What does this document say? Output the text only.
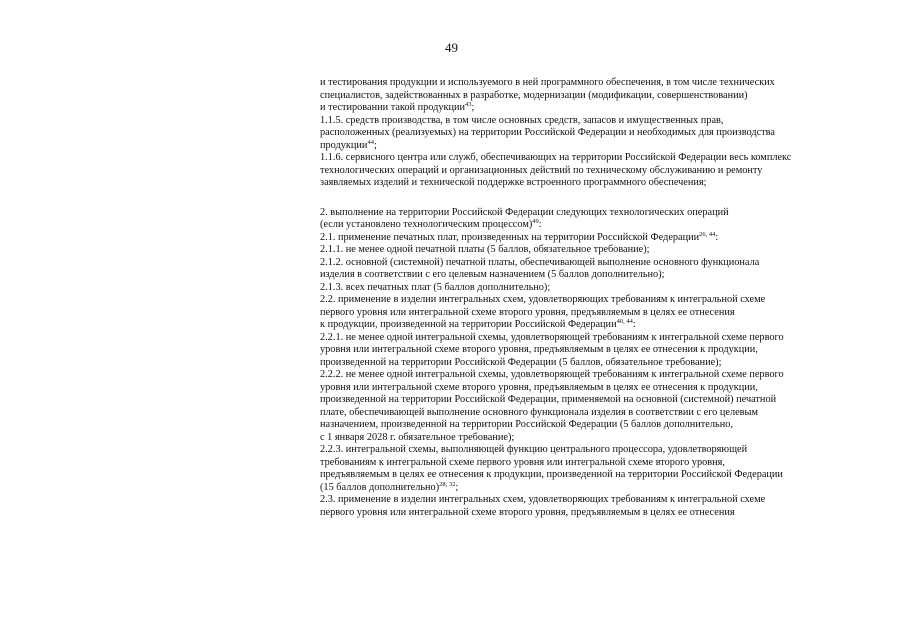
49
и тестирования продукции и используемого в ней программного обеспечения, в том числе технических
специалистов, задействованных в разработке, модернизации (модификации, совершенствовании)
и тестировании такой продукции$^{43}$;
1.1.5. средств производства, в том числе основных средств, запасов и имущественных прав,
расположенных (реализуемых) на территории Российской Федерации и необходимых для производства
продукции$^{44}$;
1.1.6. сервисного центра или служб, обеспечивающих на территории Российской Федерации весь комплекс
технологических операций и организационных действий по техническому обслуживанию и ремонту
заявляемых изделий и технической поддержке встроенного программного обеспечения;
2. выполнение на территории Российской Федерации следующих технологических операций
(если установлено технологическим процессом)$^{49}$:
2.1. применение печатных плат, произведенных на территории Российской Федерации$^{26, 44}$:
2.1.1. не менее одной печатной платы (5 баллов, обязательное требование);
2.1.2. основной (системной) печатной платы, обеспечивающей выполнение основного функционала
изделия в соответствии с его целевым назначением (5 баллов дополнительно);
2.1.3. всех печатных плат (5 баллов дополнительно);
2.2. применение в изделии интегральных схем, удовлетворяющих требованиям к интегральной схеме
первого уровня или интегральной схеме второго уровня, предъявляемым в целях ее отнесения
к продукции, произведенной на территории Российской Федерации$^{40, 44}$:
2.2.1. не менее одной интегральной схемы, удовлетворяющей требованиям к интегральной схеме первого
уровня или интегральной схеме второго уровня, предъявляемым в целях ее отнесения к продукции,
произведенной на территории Российской Федерации (5 баллов, обязательное требование);
2.2.2. не менее одной интегральной схемы, удовлетворяющей требованиям к интегральной схеме первого
уровня или интегральной схеме второго уровня, предъявляемым в целях ее отнесения к продукции,
произведенной на территории Российской Федерации, применяемой на основной (системной) печатной
плате, обеспечивающей выполнение основного функционала изделия в соответствии с его целевым
назначением, произведенной на территории Российской Федерации (5 баллов дополнительно,
с 1 января 2028 г. обязательное требование);
2.2.3. интегральной схемы, выполняющей функцию центрального процессора, удовлетворяющей
требованиям к интегральной схеме первого уровня или интегральной схеме второго уровня,
предъявляемым в целях ее отнесения к продукции, произведенной на территории Российской Федерации
(15 баллов дополнительно)$^{28, 32}$;
2.3. применение в изделии интегральных схем, удовлетворяющих требованиям к интегральной схеме
первого уровня или интегральной схеме второго уровня, предъявляемым в целях ее отнесения
